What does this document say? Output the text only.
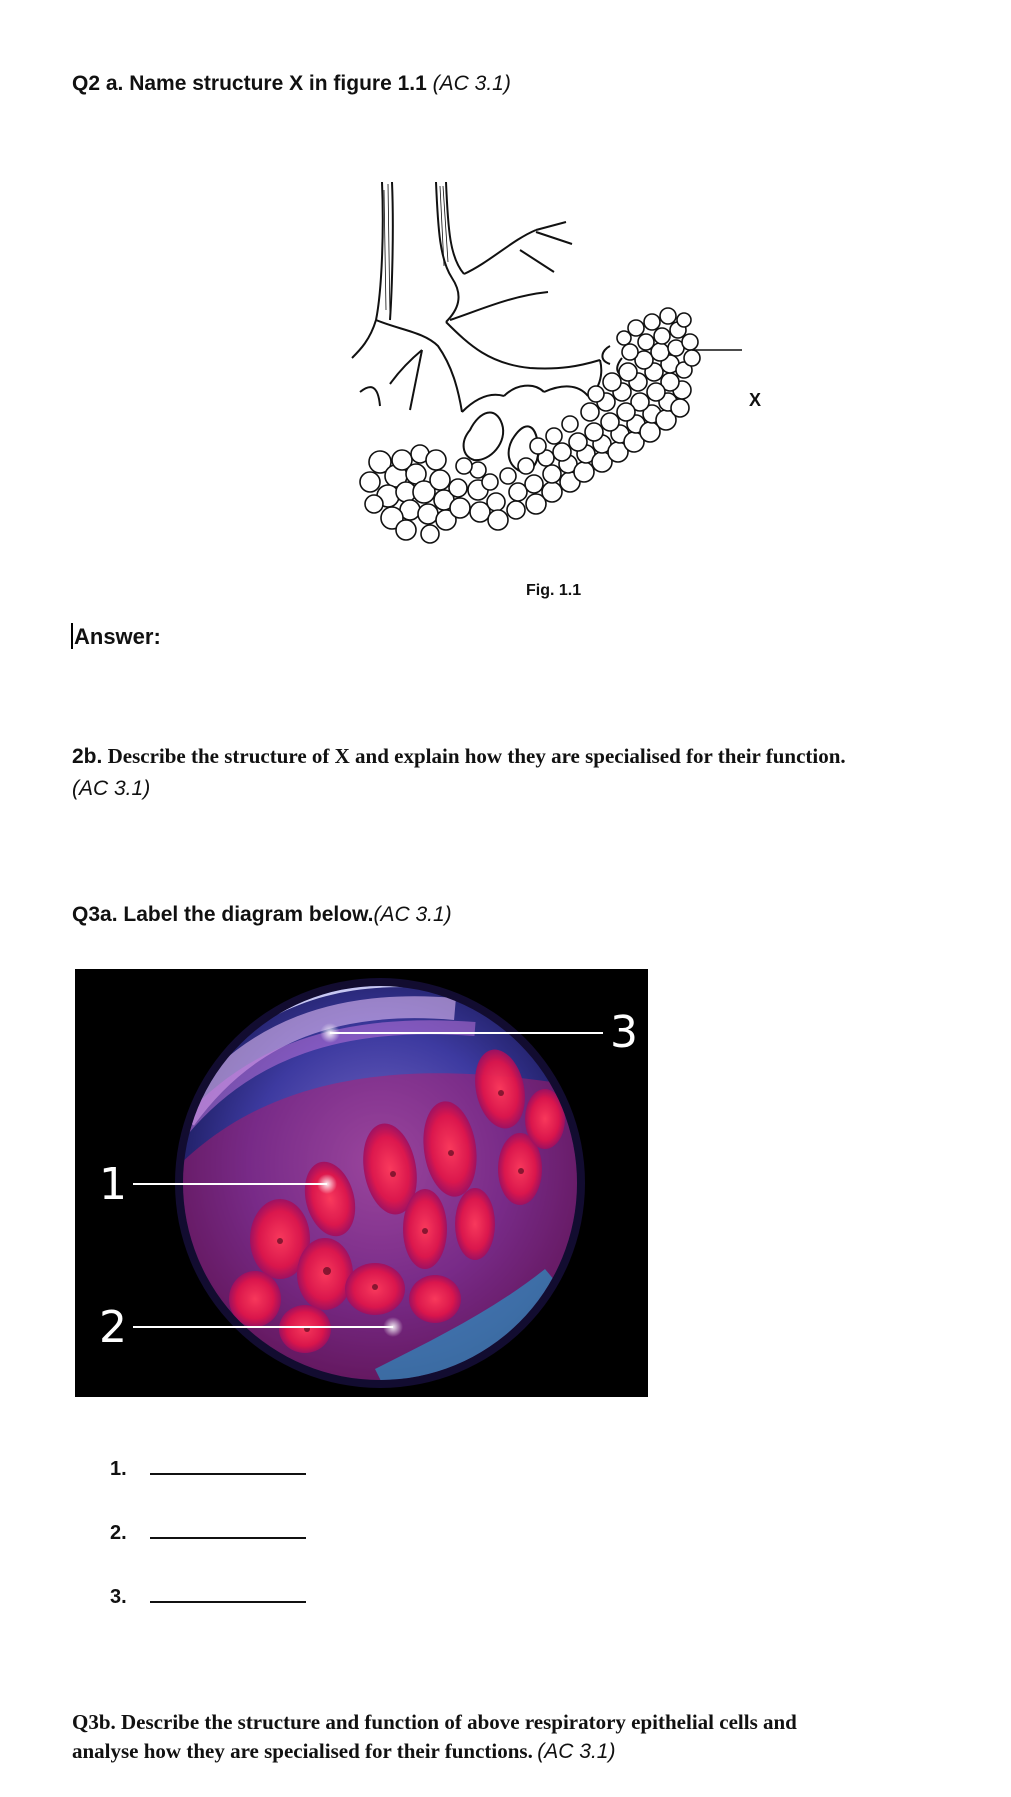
Q2 a. Name structure X in figure 1.1 (AC 3.1)
X
Fig. 1.1
Answer:
2b. Describe the structure of X and explain how they are specialised for their function.
(AC 3.1)
Q3a. Label the diagram below.(AC 3.1)
1
2
3
1.
2.
3.
Q3b. Describe the structure and function of above respiratory epithelial cells and
analyse how they are specialised for their functions. (AC 3.1)
